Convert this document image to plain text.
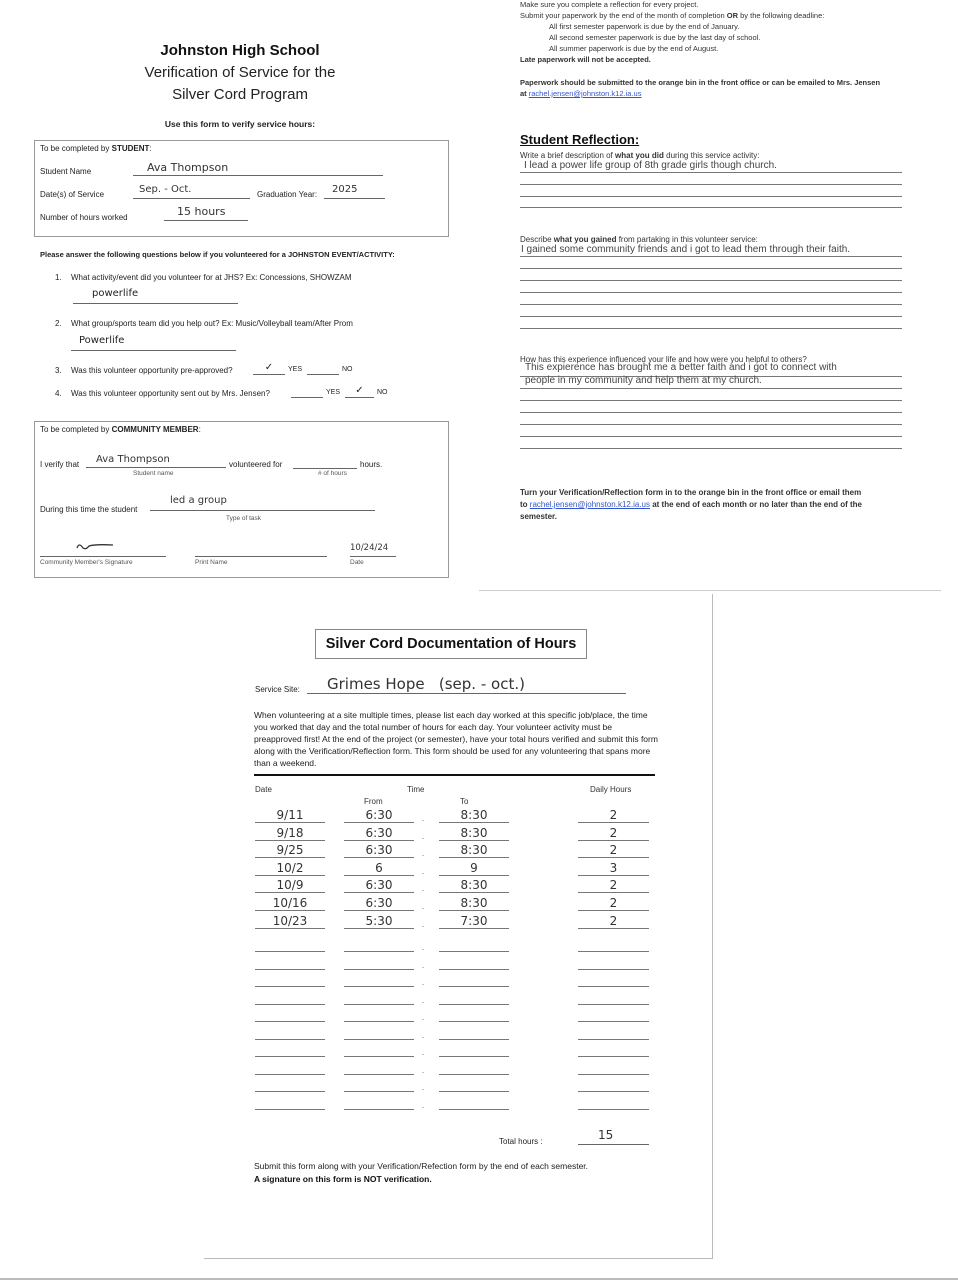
Johnston High School
Verification of Service for the
Silver Cord Program
Use this form to verify service hours:
To be completed by STUDENT:
Student Name	Ava Thompson
Date(s) of Service	Sep. - Oct.	Graduation Year:	2025
Number of hours worked	15 hours
Please answer the following questions below if you volunteered for a JOHNSTON EVENT/ACTIVITY:
1. What activity/event did you volunteer for at JHS? Ex: Concessions, SHOWZAM
powerlife
2. What group/sports team did you help out? Ex: Music/Volleyball team/After Prom
Powerlife
3. Was this volunteer opportunity pre-approved?	✓	YES	NO
4. Was this volunteer opportunity sent out by Mrs. Jensen?	YES	✓	NO
To be completed by COMMUNITY MEMBER:
I verify that	Ava Thompson
Student name
volunteered for
# of hours
hours.
During this time the student
led a group
Type of task
Community Member's Signature	Print Name
10/24/24
Date
Make sure you complete a reflection for every project.
Submit your paperwork by the end of the month of completion OR by the following deadline:
All first semester paperwork is due by the end of January.
All second semester paperwork is due by the last day of school.
All summer paperwork is due by the end of August.
Late paperwork will not be accepted.
Paperwork should be submitted to the orange bin in the front office or can be emailed to Mrs. Jensen
at rachel.jensen@johnston.k12.ia.us
Student Reflection:
Write a brief description of what you did during this service activity:
I lead a power life group of 8th grade girls though church.
Describe what you gained from partaking in this volunteer service:
I gained some community friends and i got to lead them through their faith.
How has this experience influenced your life and how were you helpful to others?
This expierence has brought me a better faith and i got to connect with
people in my community and help them at my church.
Turn your Verification/Reflection form in to the orange bin in the front office or email them
to rachel.jensen@johnston.k12.ia.us at the end of each month or no later than the end of the
semester.
Silver Cord Documentation of Hours
Service Site:	Grimes Hope   (sep. - oct.)
When volunteering at a site multiple times, please list each day worked at this specific job/place, the time you worked that day and the total number of hours for each day. Your volunteer activity must be preapproved first! At the end of the project (or semester), have your total hours verified and submit this form along with the Verification/Reflection form. This form should be used for any volunteering that spans more than a weekend.
Date	Time
From	To
Daily Hours
9/11	6:30	8:30	2
.
9/18	6:30	8:30	2
.
9/25	6:30	8:30	2
.
10/2	6	9	3
.
10/9	6:30	8:30	2
.
10/16	6:30	8:30	2
.
10/23	5:30	7:30	2
.
.
.
.
.
.
.
.
.
.
.
Total hours :	15
Submit this form along with your Verification/Refection form by the end of each semester.
A signature on this form is NOT verification.
